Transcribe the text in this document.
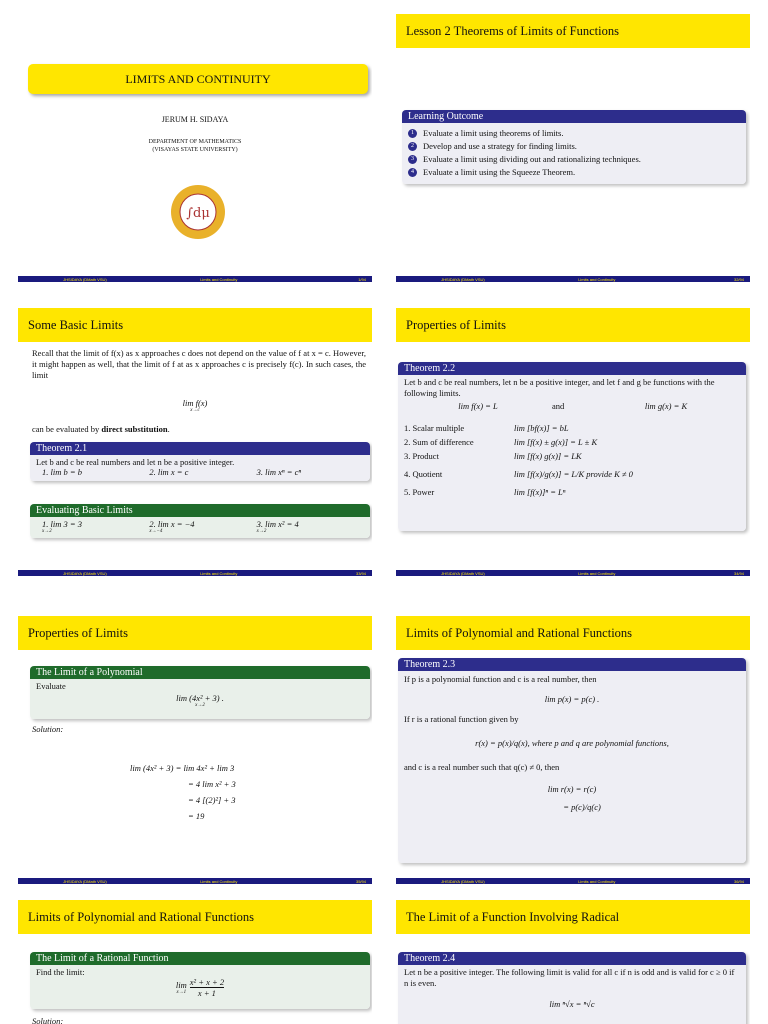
LIMITS AND CONTINUITY
JERUM H. SIDAYA
DEPARTMENT OF MATHEMATICS
(VISAYAS STATE UNIVERSITY)
∫dμ
JHSIDAYA (DMath VSU)	Limits and Continuity	1/94
Lesson 2 Theorems of Limits of Functions
Learning Outcome
1	Evaluate a limit using theorems of limits.
2	Develop and use a strategy for finding limits.
3	Evaluate a limit using dividing out and rationalizing techniques.
4	Evaluate a limit using the Squeeze Theorem.
JHSIDAYA (DMath VSU)	Limits and Continuity	32/94
Some Basic Limits
Recall that the limit of f(x) as x approaches c does not depend on the value of f at x = c. However, it might happen as well, that the limit of f at as x approaches c is precisely f(c). In such cases, the limit
lim f(x)
x→c
can be evaluated by direct substitution.
Theorem 2.1
Let b and c be real numbers and let n be a positive integer.
1. lim b = b	2. lim x = c	3. lim xⁿ = cⁿ
Evaluating Basic Limits
1. lim 3 = 3
x→2
2. lim x = −4
x→−4
3. lim x² = 4
x→2
JHSIDAYA (DMath VSU)	Limits and Continuity	33/94
Properties of Limits
Theorem 2.2
Let b and c be real numbers, let n be a positive integer, and let f and g be functions with the following limits.
lim f(x) = L	and	lim g(x) = K
1. Scalar multiple	lim [bf(x)] = bL
2. Sum of difference	lim [f(x) ± g(x)] = L ± K
3. Product	lim [f(x) g(x)] = LK
4. Quotient	lim [f(x)/g(x)] = L/K provide K ≠ 0
5. Power	lim [f(x)]ⁿ = Lⁿ
JHSIDAYA (DMath VSU)	Limits and Continuity	34/94
Properties of Limits
The Limit of a Polynomial
Evaluate
lim (4x² + 3) .
x→2
Solution:
lim (4x² + 3) = lim 4x² + lim 3
= 4 lim x² + 3
= 4 [(2)²] + 3
= 19
JHSIDAYA (DMath VSU)	Limits and Continuity	35/94
Limits of Polynomial and Rational Functions
Theorem 2.3
If p is a polynomial function and c is a real number, then
lim p(x) = p(c) .
If r is a rational function given by
r(x) = p(x)/q(x), where p and q are polynomial functions,
and c is a real number such that q(c) ≠ 0, then
lim r(x) = r(c)
= p(c)/q(c)
JHSIDAYA (DMath VSU)	Limits and Continuity	36/94
Limits of Polynomial and Rational Functions
The Limit of a Rational Function
Find the limit:
lim
x→1
x² + x + 2
x + 1
Solution:
The Limit of a Function Involving Radical
Theorem 2.4
Let n be a positive integer. The following limit is valid for all c if n is odd and is valid for c ≥ 0 if n is even.
lim ⁿ√x = ⁿ√c
